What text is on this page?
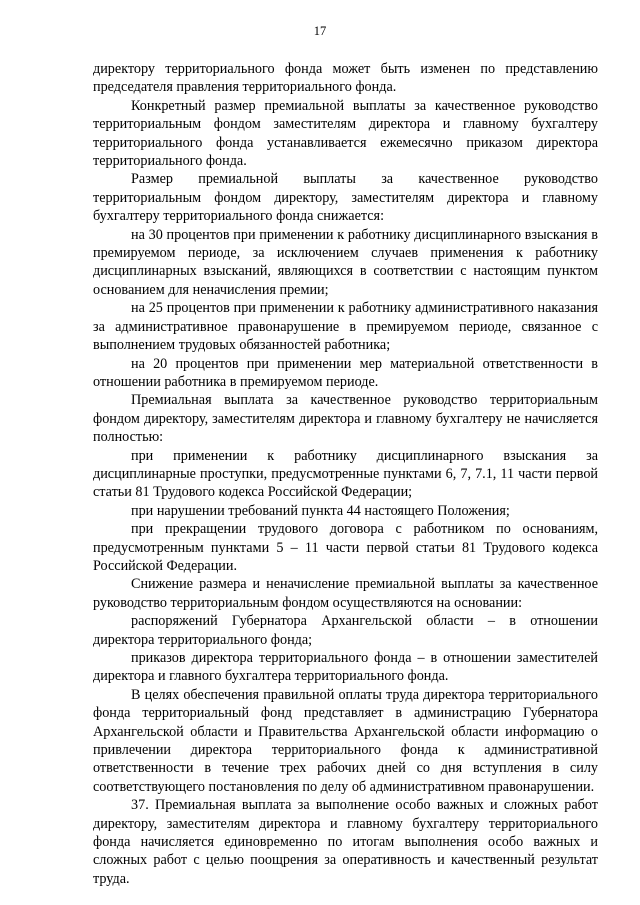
17

директору территориального фонда может быть изменен по представлению председателя правления территориального фонда.

Конкретный размер премиальной выплаты за качественное руководство территориальным фондом заместителям директора и главному бухгалтеру территориального фонда устанавливается ежемесячно приказом директора территориального фонда.

Размер премиальной выплаты за качественное руководство территориальным фондом директору, заместителям директора и главному бухгалтеру территориального фонда снижается:

на 30 процентов при применении к работнику дисциплинарного взыскания в премируемом периоде, за исключением случаев применения к работнику дисциплинарных взысканий, являющихся в соответствии с настоящим пунктом основанием для неначисления премии;

на 25 процентов при применении к работнику административного наказания за административное правонарушение в премируемом периоде, связанное с выполнением трудовых обязанностей работника;

на 20 процентов при применении мер материальной ответственности в отношении работника в премируемом периоде.

Премиальная выплата за качественное руководство территориальным фондом директору, заместителям директора и главному бухгалтеру не начисляется полностью:

при применении к работнику дисциплинарного взыскания за дисциплинарные проступки, предусмотренные пунктами 6, 7, 7.1, 11 части первой статьи 81 Трудового кодекса Российской Федерации;

при нарушении требований пункта 44 настоящего Положения;

при прекращении трудового договора с работником по основаниям, предусмотренным пунктами 5 – 11 части первой статьи 81 Трудового кодекса Российской Федерации.

Снижение размера и неначисление премиальной выплаты за качественное руководство территориальным фондом осуществляются на основании:

распоряжений Губернатора Архангельской области – в отношении директора территориального фонда;

приказов директора территориального фонда – в отношении заместителей директора и главного бухгалтера территориального фонда.

В целях обеспечения правильной оплаты труда директора территориального фонда территориальный фонд представляет в администрацию Губернатора Архангельской области и Правительства Архангельской области информацию о привлечении директора территориального фонда к административной ответственности в течение трех рабочих дней со дня вступления в силу соответствующего постановления по делу об административном правонарушении.

37. Премиальная выплата за выполнение особо важных и сложных работ директору, заместителям директора и главному бухгалтеру территориального фонда начисляется единовременно по итогам выполнения особо важных и сложных работ с целью поощрения за оперативность и качественный результат труда.
